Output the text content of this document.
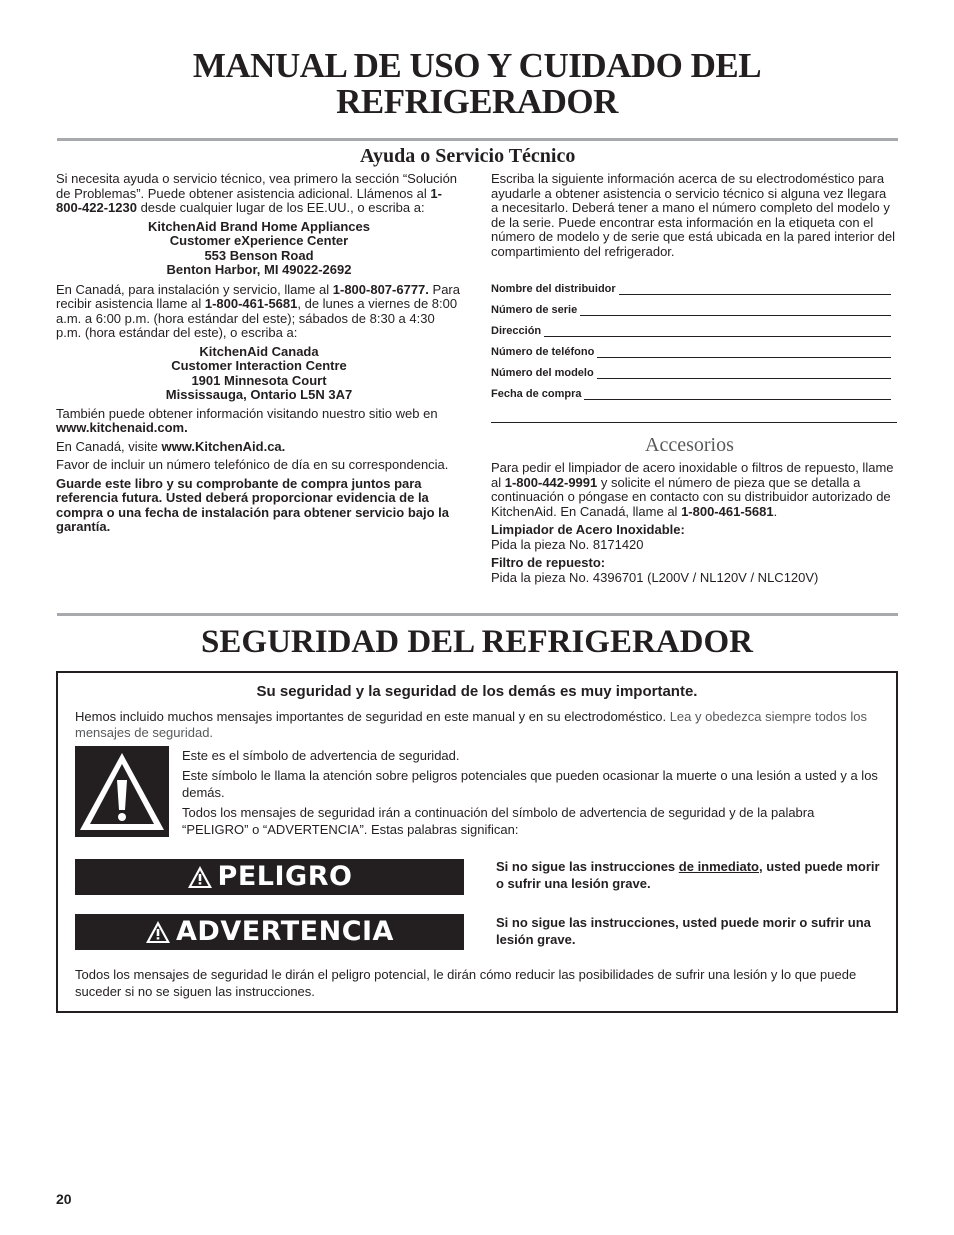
MANUAL DE USO Y CUIDADO DEL
REFRIGERADOR
Ayuda o Servicio Técnico

Si necesita ayuda o servicio técnico, vea primero la sección “Solución de Problemas”. Puede obtener asistencia adicional. Llámenos al 1-800-422-1230 desde cualquier lugar de los EE.UU., o escriba a:

KitchenAid Brand Home Appliances
Customer eXperience Center
553 Benson Road
Benton Harbor, MI 49022-2692

En Canadá, para instalación y servicio, llame al 1-800-807-6777. Para recibir asistencia llame al 1-800-461-5681, de lunes a viernes de 8:00 a.m. a 6:00 p.m. (hora estándar del este); sábados de 8:30 a 4:30 p.m. (hora estándar del este), o escriba a:

KitchenAid Canada
Customer Interaction Centre
1901 Minnesota Court
Mississauga, Ontario L5N 3A7

También puede obtener información visitando nuestro sitio web en www.kitchenaid.com.

En Canadá, visite www.KitchenAid.ca.

Favor de incluir un número telefónico de día en su correspondencia.

Guarde este libro y su comprobante de compra juntos para referencia futura. Usted deberá proporcionar evidencia de la compra o una fecha de instalación para obtener servicio bajo la garantía.

Escriba la siguiente información acerca de su electrodoméstico para ayudarle a obtener asistencia o servicio técnico si alguna vez llegara a necesitarlo. Deberá tener a mano el número completo del modelo y de la serie. Puede encontrar esta información en la etiqueta con el número de modelo y de serie que está ubicada en la pared interior del compartimiento del refrigerador.

Nombre del distribuidor
Número de serie
Dirección
Número de teléfono
Número del modelo
Fecha de compra
Accesorios

Para pedir el limpiador de acero inoxidable o filtros de repuesto, llame al 1-800-442-9991 y solicite el número de pieza que se detalla a continuación o póngase en contacto con su distribuidor autorizado de KitchenAid. En Canadá, llame al 1-800-461-5681.

Limpiador de Acero Inoxidable:

Pida la pieza No. 8171420

Filtro de repuesto:

Pida la pieza No. 4396701 (L200V / NL120V / NLC120V)

SEGURIDAD DEL REFRIGERADOR
Su seguridad y la seguridad de los demás es muy importante.

Hemos incluido muchos mensajes importantes de seguridad en este manual y en su electrodoméstico. Lea y obedezca siempre todos los mensajes de seguridad.

Este es el símbolo de advertencia de seguridad.

Este símbolo le llama la atención sobre peligros potenciales que pueden ocasionar la muerte o una lesión a usted y a los demás.

Todos los mensajes de seguridad irán a continuación del símbolo de advertencia de seguridad y de la palabra “PELIGRO” o “ADVERTENCIA”. Estas palabras significan:

PELIGRO	Si no sigue las instrucciones de inmediato, usted puede morir o sufrir una lesión grave.

ADVERTENCIA	Si no sigue las instrucciones, usted puede morir o sufrir una lesión grave.

Todos los mensajes de seguridad le dirán el peligro potencial, le dirán cómo reducir las posibilidades de sufrir una lesión y lo que puede suceder si no se siguen las instrucciones.

20
